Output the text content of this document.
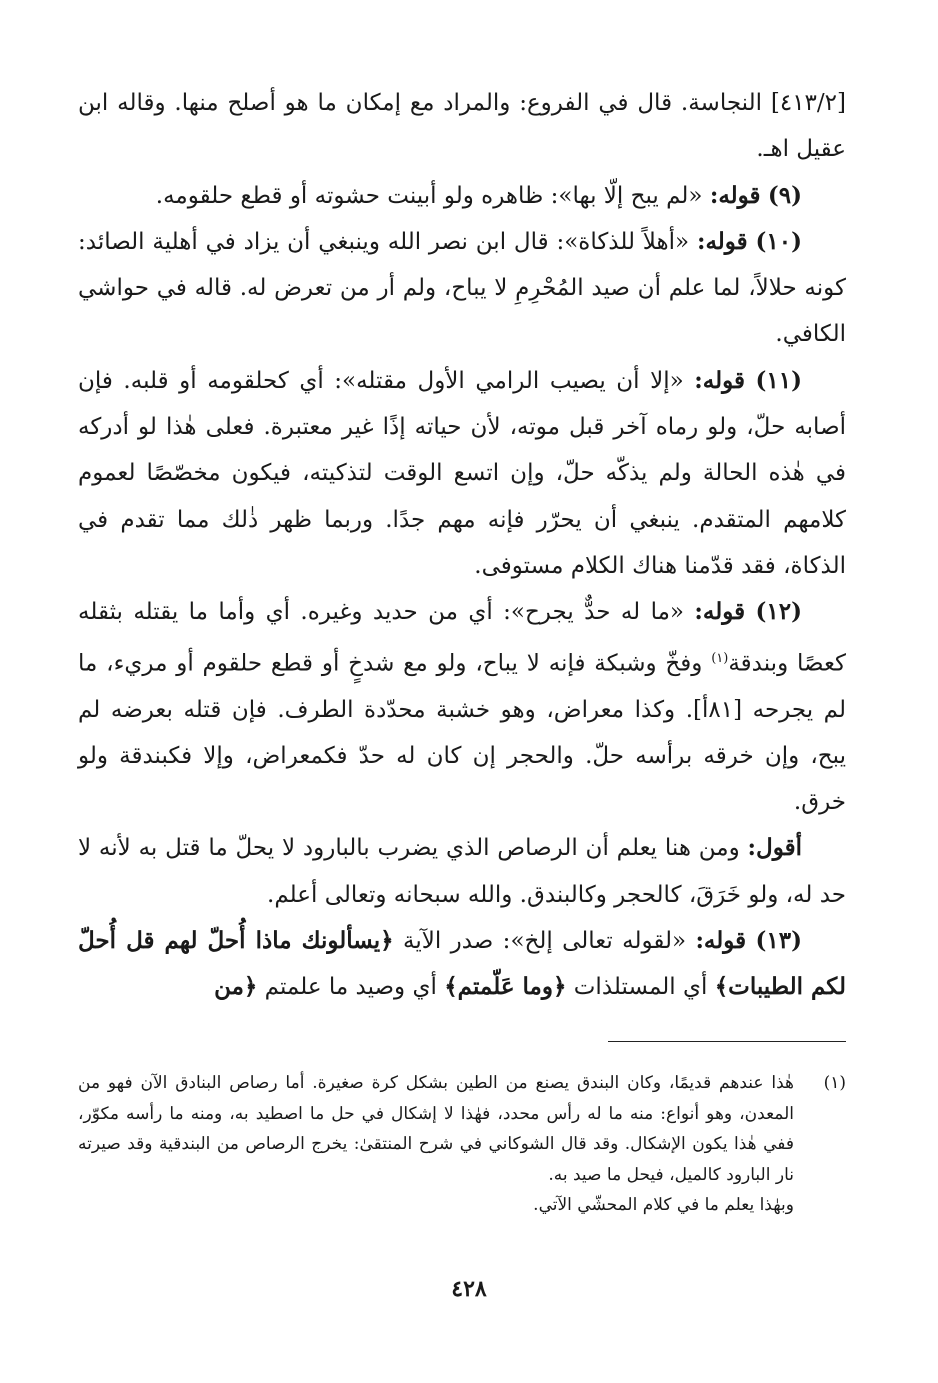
[٤١٣/٢] النجاسة. قال في الفروع: والمراد مع إمكان ما هو أصلح منها. وقاله ابن عقيل اهـ.

(٩) قوله: «لم يبح إلّا بها»: ظاهره ولو أبينت حشوته أو قطع حلقومه.

(١٠) قوله: «أهلاً للذكاة»: قال ابن نصر الله وينبغي أن يزاد في أهلية الصائد: كونه حلالاً، لما علم أن صيد المُحْرِمِ لا يباح، ولم أر من تعرض له. قاله في حواشي الكافي.

(١١) قوله: «إلا أن يصيب الرامي الأول مقتله»: أي كحلقومه أو قلبه. فإن أصابه حلّ، ولو رماه آخر قبل موته، لأن حياته إذًا غير معتبرة. فعلى هٰذا لو أدركه في هٰذه الحالة ولم يذكّه حلّ، وإن اتسع الوقت لتذكيته، فيكون مخصّصًا لعموم كلامهم المتقدم. ينبغي أن يحرّر فإنه مهم جدًا. وربما ظهر ذٰلك مما تقدم في الذكاة، فقد قدّمنا هناك الكلام مستوفى.

(١٢) قوله: «ما له حدٌّ يجرح»: أي من حديد وغيره. أي وأما ما يقتله بثقله كعصًا وبندقة$^{(١)}$ وفخّ وشبكة فإنه لا يباح، ولو مع شدخٍ أو قطع حلقوم أو مريء، ما لم يجرحه [٨١أ]. وكذا معراض، وهو خشبة محدّدة الطرف. فإن قتله بعرضه لم يبح، وإن خرقه برأسه حلّ. والحجر إن كان له حدّ فكمعراض، وإلا فكبندقة ولو خرق.

أقول: ومن هنا يعلم أن الرصاص الذي يضرب بالبارود لا يحلّ ما قتل به لأنه لا حد له، ولو خَرَقَ، كالحجر وكالبندق. والله سبحانه وتعالى أعلم.

(١٣) قوله: «لقوله تعالى إلخ»: صدر الآية ﴿يسألونك ماذا أُحلّ لهم قل أُحلّ لكم الطيبات﴾ أي المستلذات ﴿وما عَلّمتم﴾ أي وصيد ما علمتم ﴿من

(١)

هٰذا عندهم قديمًا، وكان البندق يصنع من الطين بشكل كرة صغيرة. أما رصاص البنادق الآن فهو من المعدن، وهو أنواع: منه ما له رأس محدد، فهٰذا لا إشكال في حل ما اصطيد به، ومنه ما رأسه مكوّر، ففي هٰذا يكون الإشكال. وقد قال الشوكاني في شرح المنتقىٰ: يخرج الرصاص من البندقية وقد صيرته نار البارود كالميل، فيحل ما صيد به.

وبهٰذا يعلم ما في كلام المحشّي الآتي.

٤٢٨
